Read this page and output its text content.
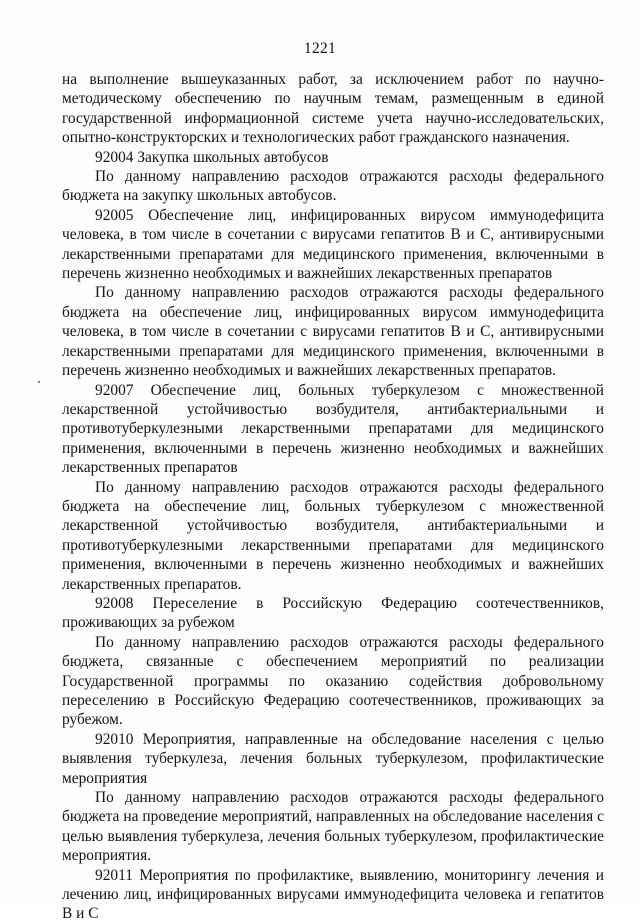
1221

на выполнение вышеуказанных работ, за исключением работ по научно-методическому обеспечению по научным темам, размещенным в единой государственной информационной системе учета научно-исследовательских, опытно-конструкторских и технологических работ гражданского назначения.

92004 Закупка школьных автобусов

По данному направлению расходов отражаются расходы федерального бюджета на закупку школьных автобусов.

92005 Обеспечение лиц, инфицированных вирусом иммунодефицита человека, в том числе в сочетании с вирусами гепатитов B и C, антивирусными лекарственными препаратами для медицинского применения, включенными в перечень жизненно необходимых и важнейших лекарственных препаратов

По данному направлению расходов отражаются расходы федерального бюджета на обеспечение лиц, инфицированных вирусом иммунодефицита человека, в том числе в сочетании с вирусами гепатитов B и C, антивирусными лекарственными препаратами для медицинского применения, включенными в перечень жизненно необходимых и важнейших лекарственных препаратов.

92007 Обеспечение лиц, больных туберкулезом с множественной лекарственной устойчивостью возбудителя, антибактериальными и противотуберкулезными лекарственными препаратами для медицинского применения, включенными в перечень жизненно необходимых и важнейших лекарственных препаратов

По данному направлению расходов отражаются расходы федерального бюджета на обеспечение лиц, больных туберкулезом с множественной лекарственной устойчивостью возбудителя, антибактериальными и противотуберкулезными лекарственными препаратами для медицинского применения, включенными в перечень жизненно необходимых и важнейших лекарственных препаратов.

92008 Переселение в Российскую Федерацию соотечественников, проживающих за рубежом

По данному направлению расходов отражаются расходы федерального бюджета, связанные с обеспечением мероприятий по реализации Государственной программы по оказанию содействия добровольному переселению в Российскую Федерацию соотечественников, проживающих за рубежом.

92010 Мероприятия, направленные на обследование населения с целью выявления туберкулеза, лечения больных туберкулезом, профилактические мероприятия

По данному направлению расходов отражаются расходы федерального бюджета на проведение мероприятий, направленных на обследование населения с целью выявления туберкулеза, лечения больных туберкулезом, профилактические мероприятия.

92011 Мероприятия по профилактике, выявлению, мониторингу лечения и лечению лиц, инфицированных вирусами иммунодефицита человека и гепатитов B и C
